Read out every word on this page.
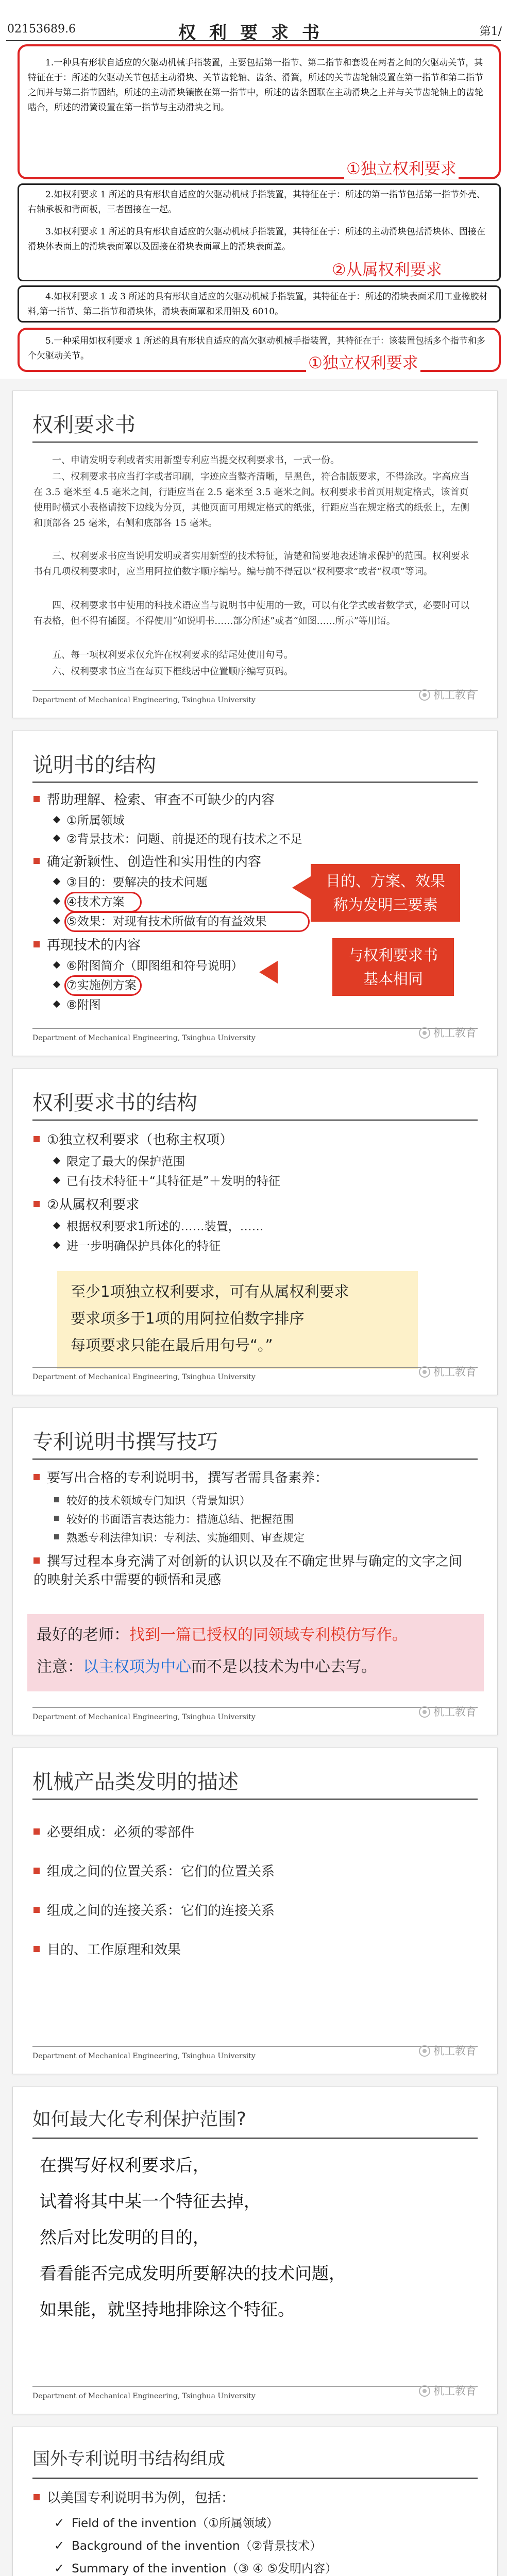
02153689.6	权利要求书	第1/
1.一种具有形状自适应的欠驱动机械手指装置，主要包括第一指节、第二指节和套设在两者之间的欠驱动关节，其特征在于：所述的欠驱动关节包括主动滑块、关节齿轮轴、齿条、滑簧，所述的关节齿轮轴设置在第一指节和第二指节之间并与第二指节固结，所述的主动滑块镶嵌在第一指节中，所述的齿条固联在主动滑块之上并与关节齿轮轴上的齿轮啮合，所述的滑簧设置在第一指节与主动滑块之间。
①独立权利要求
2.如权利要求 1 所述的具有形状自适应的欠驱动机械手指装置，其特征在于：所述的第一指节包括第一指节外壳、右轴承板和背面板，三者固接在一起。
3.如权利要求 1 所述的具有形状自适应的欠驱动机械手指装置，其特征在于：所述的主动滑块包括滑块体、固接在滑块体表面上的滑块表面罩以及固接在滑块表面罩上的滑块表面盖。
②从属权利要求
4.如权利要求 1 或 3 所述的具有形状自适应的欠驱动机械手指装置，其特征在于：所述的滑块表面采用工业橡胶材料,第一指节、第二指节和滑块体，滑块表面罩和采用铝及 6010。
5.一种采用如权利要求 1 所述的具有形状自适应的高欠驱动机械手指装置，其特征在于：该装置包括多个指节和多个欠驱动关节。	①独立权利要求
权利要求书
一、申请发明专利或者实用新型专利应当提交权利要求书，一式一份。
二、权利要求书应当打字或者印刷，字迹应当整齐清晰，呈黑色，符合制版要求，不得涂改。字高应当在 3.5 毫米至 4.5 毫米之间，行距应当在 2.5 毫米至 3.5 毫米之间。权利要求书首页用规定格式，该首页使用时横式小表格请按下边线为分页，其他页面可用规定格式的纸张，行距应当在规定格式的纸张上，左侧和顶部各 25 毫米，右侧和底部各 15 毫米。
三、权利要求书应当说明发明或者实用新型的技术特征，清楚和简要地表述请求保护的范围。权利要求书有几项权利要求时，应当用阿拉伯数字顺序编号。编号前不得冠以“权利要求”或者“权项”等词。
四、权利要求书中使用的科技术语应当与说明书中使用的一致，可以有化学式或者数学式，必要时可以有表格，但不得有插图。不得使用“如说明书……部分所述”或者“如图……所示”等用语。
五、每一项权利要求仅允许在权利要求的结尾处使用句号。
六、权利要求书应当在每页下框线居中位置顺序编写页码。
Department of Mechanical Engineering, Tsinghua University	机工教育
说明书的结构
帮助理解、检索、审查不可缺少的内容
①所属领域
②背景技术：问题、前提还的现有技术之不足
确定新颖性、创造性和实用性的内容
③目的：要解决的技术问题
④技术方案
⑤效果：对现有技术所做有的有益效果
再现技术的内容
⑥附图简介（即图组和符号说明）
⑦实施例方案
⑧附图
目的、方案、效果
称为发明三要素
与权利要求书
基本相同
Department of Mechanical Engineering, Tsinghua University	机工教育
权利要求书的结构
①独立权利要求（也称主权项）
限定了最大的保护范围
已有技术特征＋“其特征是”＋发明的特征
②从属权利要求
根据权利要求1所述的……装置，……
进一步明确保护具体化的特征
至少1项独立权利要求，可有从属权利要求
要求项多于1项的用阿拉伯数字排序
每项要求只能在最后用句号“。”
Department of Mechanical Engineering, Tsinghua University	机工教育
专利说明书撰写技巧
要写出合格的专利说明书，撰写者需具备素养：
较好的技术领域专门知识（背景知识）
较好的书面语言表达能力：措施总结、把握范围
熟悉专利法律知识：专利法、实施细则、审查规定
撰写过程本身充满了对创新的认识以及在不确定世界与确定的文字之间的映射关系中需要的顿悟和灵感
最好的老师：找到一篇已授权的同领域专利模仿写作。
注意：以主权项为中心而不是以技术为中心去写。
Department of Mechanical Engineering, Tsinghua University	机工教育
机械产品类发明的描述
必要组成：必须的零部件
组成之间的位置关系：它们的位置关系
组成之间的连接关系：它们的连接关系
目的、工作原理和效果
Department of Mechanical Engineering, Tsinghua University	机工教育
如何最大化专利保护范围?
在撰写好权利要求后，
试着将其中某一个特征去掉，
然后对比发明的目的，
看看能否完成发明所要解决的技术问题，
如果能，就坚持地排除这个特征。
Department of Mechanical Engineering, Tsinghua University	机工教育
国外专利说明书结构组成
以美国专利说明书为例，包括：
✓ Field of the invention（①所属领域）
✓ Background of the invention（②背景技术）
✓ Summary of the invention（③ ④ ⑤发明内容）
